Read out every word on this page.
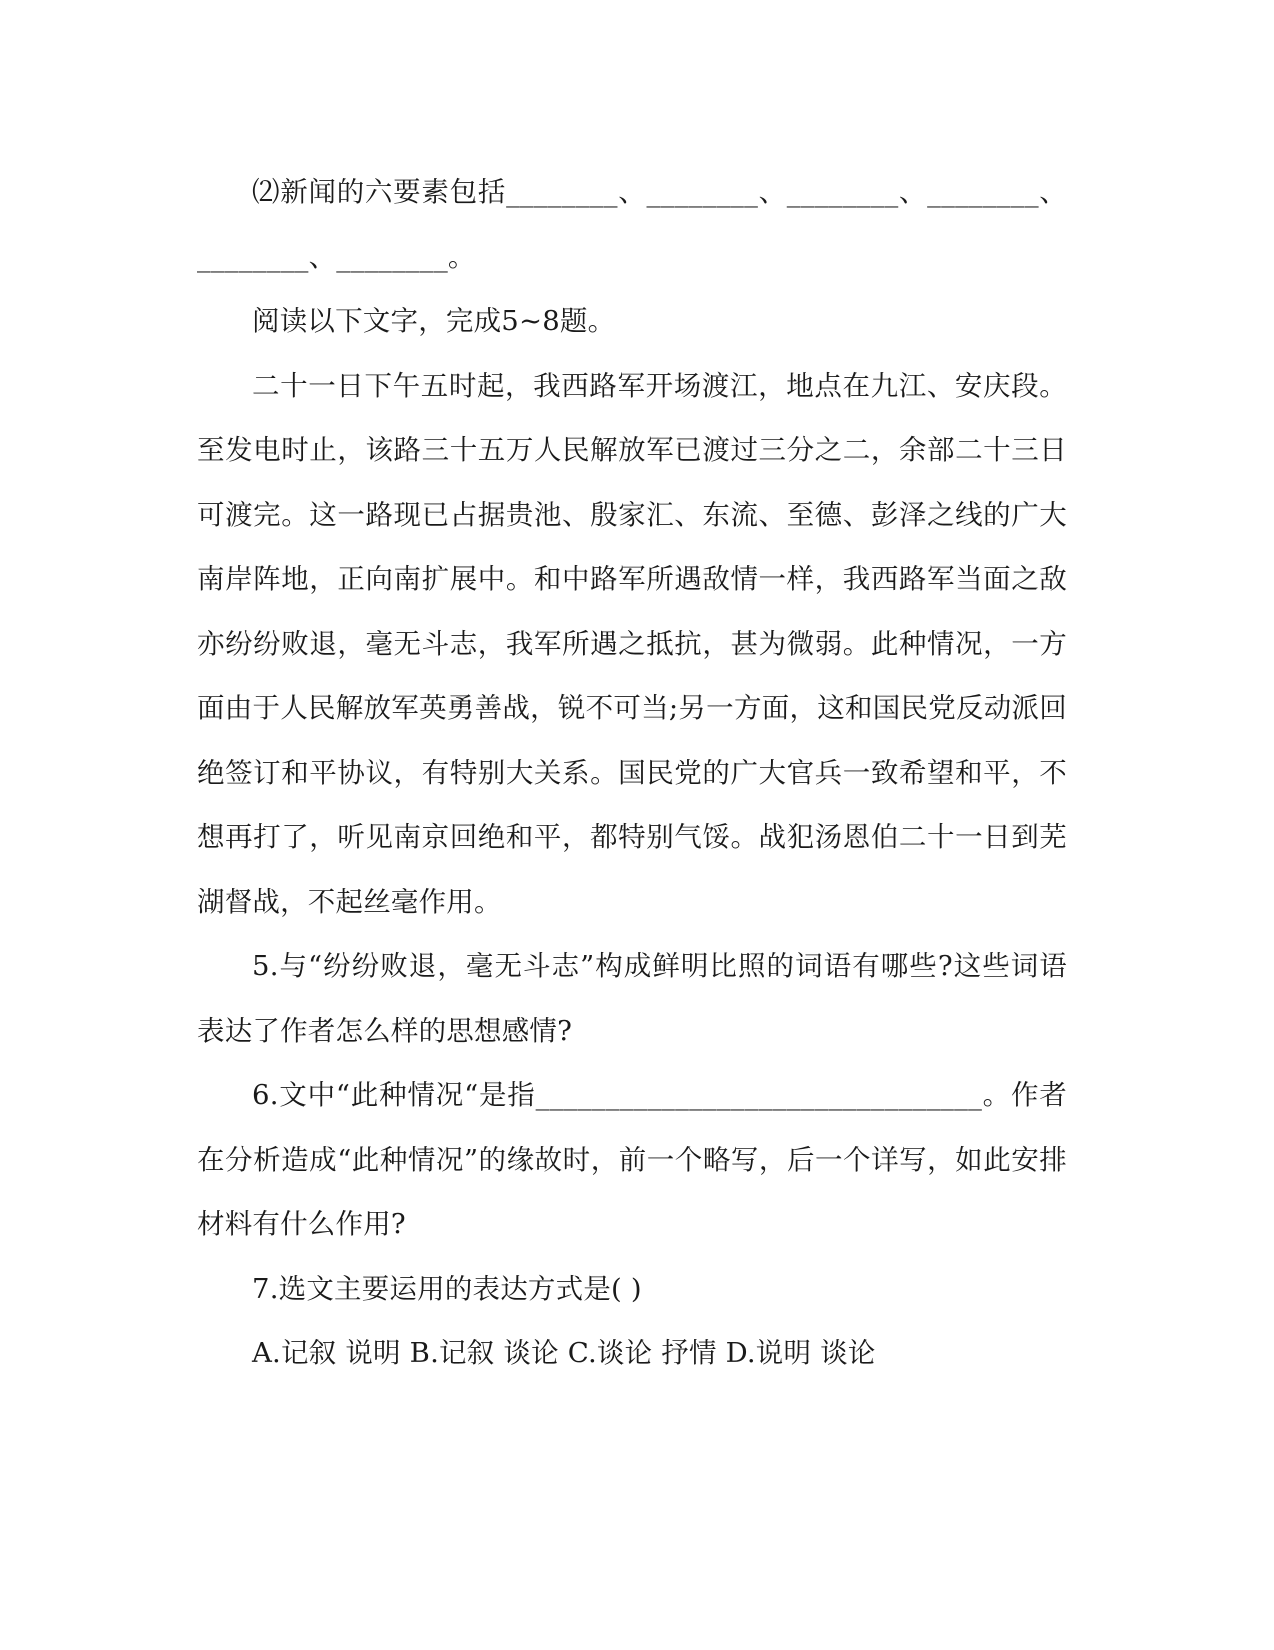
⑵新闻的六要素包括________、________、________、________、________、________。

阅读以下文字，完成5~8题。

二十一日下午五时起，我西路军开场渡江，地点在九江、安庆段。至发电时止，该路三十五万人民解放军已渡过三分之二，余部二十三日可渡完。这一路现已占据贵池、殷家汇、东流、至德、彭泽之线的广大南岸阵地，正向南扩展中。和中路军所遇敌情一样，我西路军当面之敌亦纷纷败退，毫无斗志，我军所遇之抵抗，甚为微弱。此种情况，一方面由于人民解放军英勇善战，锐不可当;另一方面，这和国民党反动派回绝签订和平协议，有特别大关系。国民党的广大官兵一致希望和平，不想再打了，听见南京回绝和平，都特别气馁。战犯汤恩伯二十一日到芜湖督战，不起丝毫作用。

5.与“纷纷败退，毫无斗志”构成鲜明比照的词语有哪些?这些词语表达了作者怎么样的思想感情?

6.文中“此种情况“是指________________________________。作者在分析造成“此种情况”的缘故时，前一个略写，后一个详写，如此安排材料有什么作用?

7.选文主要运用的表达方式是( )

A.记叙 说明 B.记叙 谈论 C.谈论 抒情 D.说明 谈论
